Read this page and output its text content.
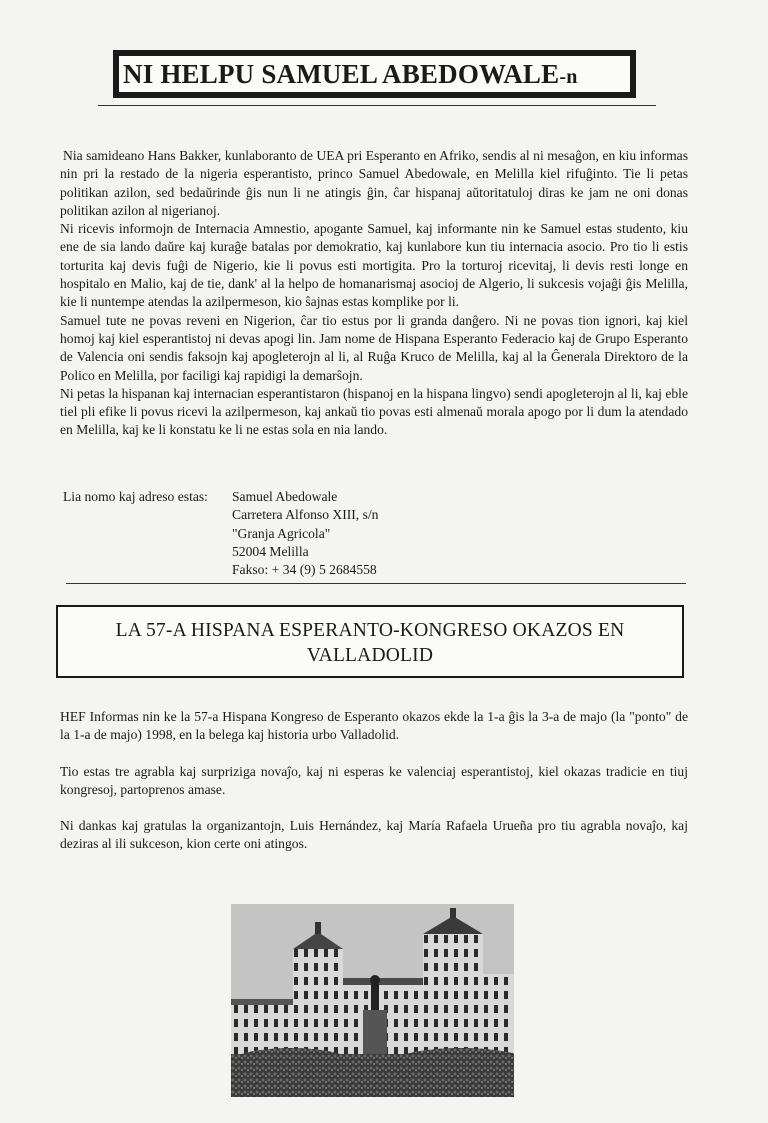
NI HELPU SAMUEL ABEDOWALE-n

Nia samideano Hans Bakker, kunlaboranto de UEA pri Esperanto en Afriko, sendis al ni mesaĝon, en kiu informas nin pri la restado de la nigeria esperantisto, princo Samuel Abedowale, en Melilla kiel rifuĝinto. Tie li petas politikan azilon, sed bedaŭrinde ĝis nun li ne atingis ĝin, ĉar hispanaj aŭtoritatuloj diras ke jam ne oni donas politikan azilon al nigerianoj.

Ni ricevis informojn de Internacia Amnestio, apogante Samuel, kaj informante nin ke Samuel estas studento, kiu ene de sia lando daŭre kaj kuraĝe batalas por demokratio, kaj kunlabore kun tiu internacia asocio. Pro tio li estis torturita kaj devis fuĝi de Nigerio, kie li povus esti mortigita. Pro la torturoj ricevitaj, li devis resti longe en hospitalo en Malio, kaj de tie, dank' al la helpo de homanarismaj asocioj de Algerio, li sukcesis vojaĝi ĝis Melilla, kie li nuntempe atendas la azilpermeson, kio ŝajnas estas komplike por li.

Samuel tute ne povas reveni en Nigerion, ĉar tio estus por li granda danĝero. Ni ne povas tion ignori, kaj kiel homoj kaj kiel esperantistoj ni devas apogi lin. Jam nome de Hispana Esperanto Federacio kaj de Grupo Esperanto de Valencia oni sendis faksojn kaj apogleterojn al li, al Ruĝa Kruco de Melilla, kaj al la Ĝenerala Direktoro de la Polico en Melilla, por faciligi kaj rapidigi la demarŝojn.

Ni petas la hispanan kaj internacian esperantistaron (hispanoj en la hispana lingvo) sendi apogleterojn al li, kaj eble tiel pli efike li povus ricevi la azilpermeson, kaj ankaŭ tio povas esti almenaŭ morala apogo por li dum la atendado en Melilla, kaj ke li konstatu ke li ne estas sola en nia lando.

Lia nomo kaj adreso estas:	Samuel Abedowale
Carretera Alfonso XIII, s/n
"Granja Agricola"
52004 Melilla
Fakso: + 34 (9) 5 2684558
LA 57-A HISPANA ESPERANTO-KONGRESO OKAZOS EN
VALLADOLID

HEF Informas nin ke la 57-a Hispana Kongreso de Esperanto okazos ekde la 1-a ĝis la 3-a de majo (la "ponto" de la 1-a de majo) 1998, en la belega kaj historia urbo Valladolid.

Tio estas tre agrabla kaj surpriziga novaĵo, kaj ni esperas ke valenciaj esperantistoj, kiel okazas tradicie en tiuj kongresoj, partoprenos amase.

Ni dankas kaj gratulas la organizantojn, Luis Hernández, kaj María Rafaela Urueña pro tiu agrabla novaĵo, kaj deziras al ili sukceson, kion certe oni atingos.
